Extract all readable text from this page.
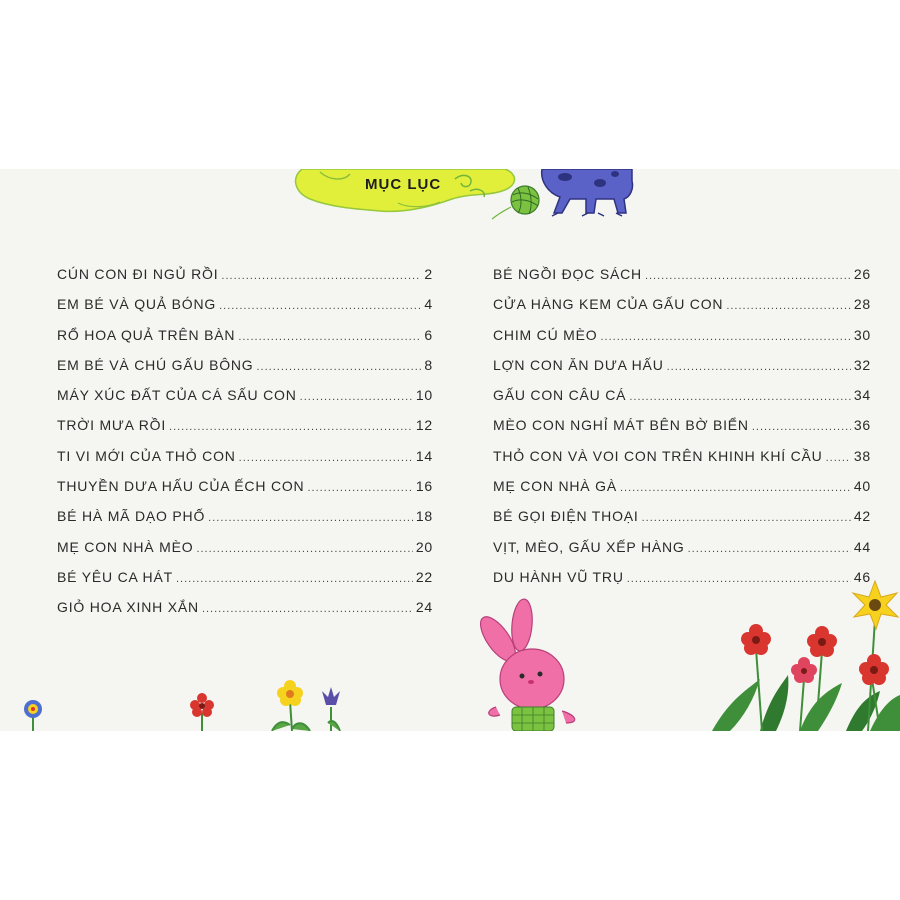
MỤC LỤC
CÚN CON ĐI NGỦ RỒI .....	2
EM BÉ VÀ QUẢ BÓNG .....	4
RỔ HOA QUẢ TRÊN BÀN .....	6
EM BÉ VÀ CHÚ GẤU BÔNG .....	8
MÁY XÚC ĐẤT CỦA CÁ SẤU CON .....	10
TRỜI MƯA RỒI .....	12
TI VI MỚI CỦA THỎ CON .....	14
THUYỀN DƯA HẤU CỦA ẾCH CON .....	16
BÉ HÀ MÃ DẠO PHỐ .....	18
MẸ CON NHÀ MÈO .....	20
BÉ YÊU CA HÁT .....	22
GIỎ HOA XINH XẮN .....	24
BÉ NGỒI ĐỌC SÁCH .....	26
CỬA HÀNG KEM CỦA GẤU CON .....	28
CHIM CÚ MÈO .....	30
LỢN CON ĂN DƯA HẤU .....	32
GẤU CON CÂU CÁ .....	34
MÈO CON NGHỈ MÁT BÊN BỜ BIỂN .....	36
THỎ CON VÀ VOI CON TRÊN KHINH KHÍ CẦU ..... 38
MẸ CON NHÀ GÀ .....	40
BÉ GỌI ĐIỆN THOẠI .....	42
VỊT, MÈO, GẤU XẾP HÀNG .....	44
DU HÀNH VŨ TRỤ .....	46
